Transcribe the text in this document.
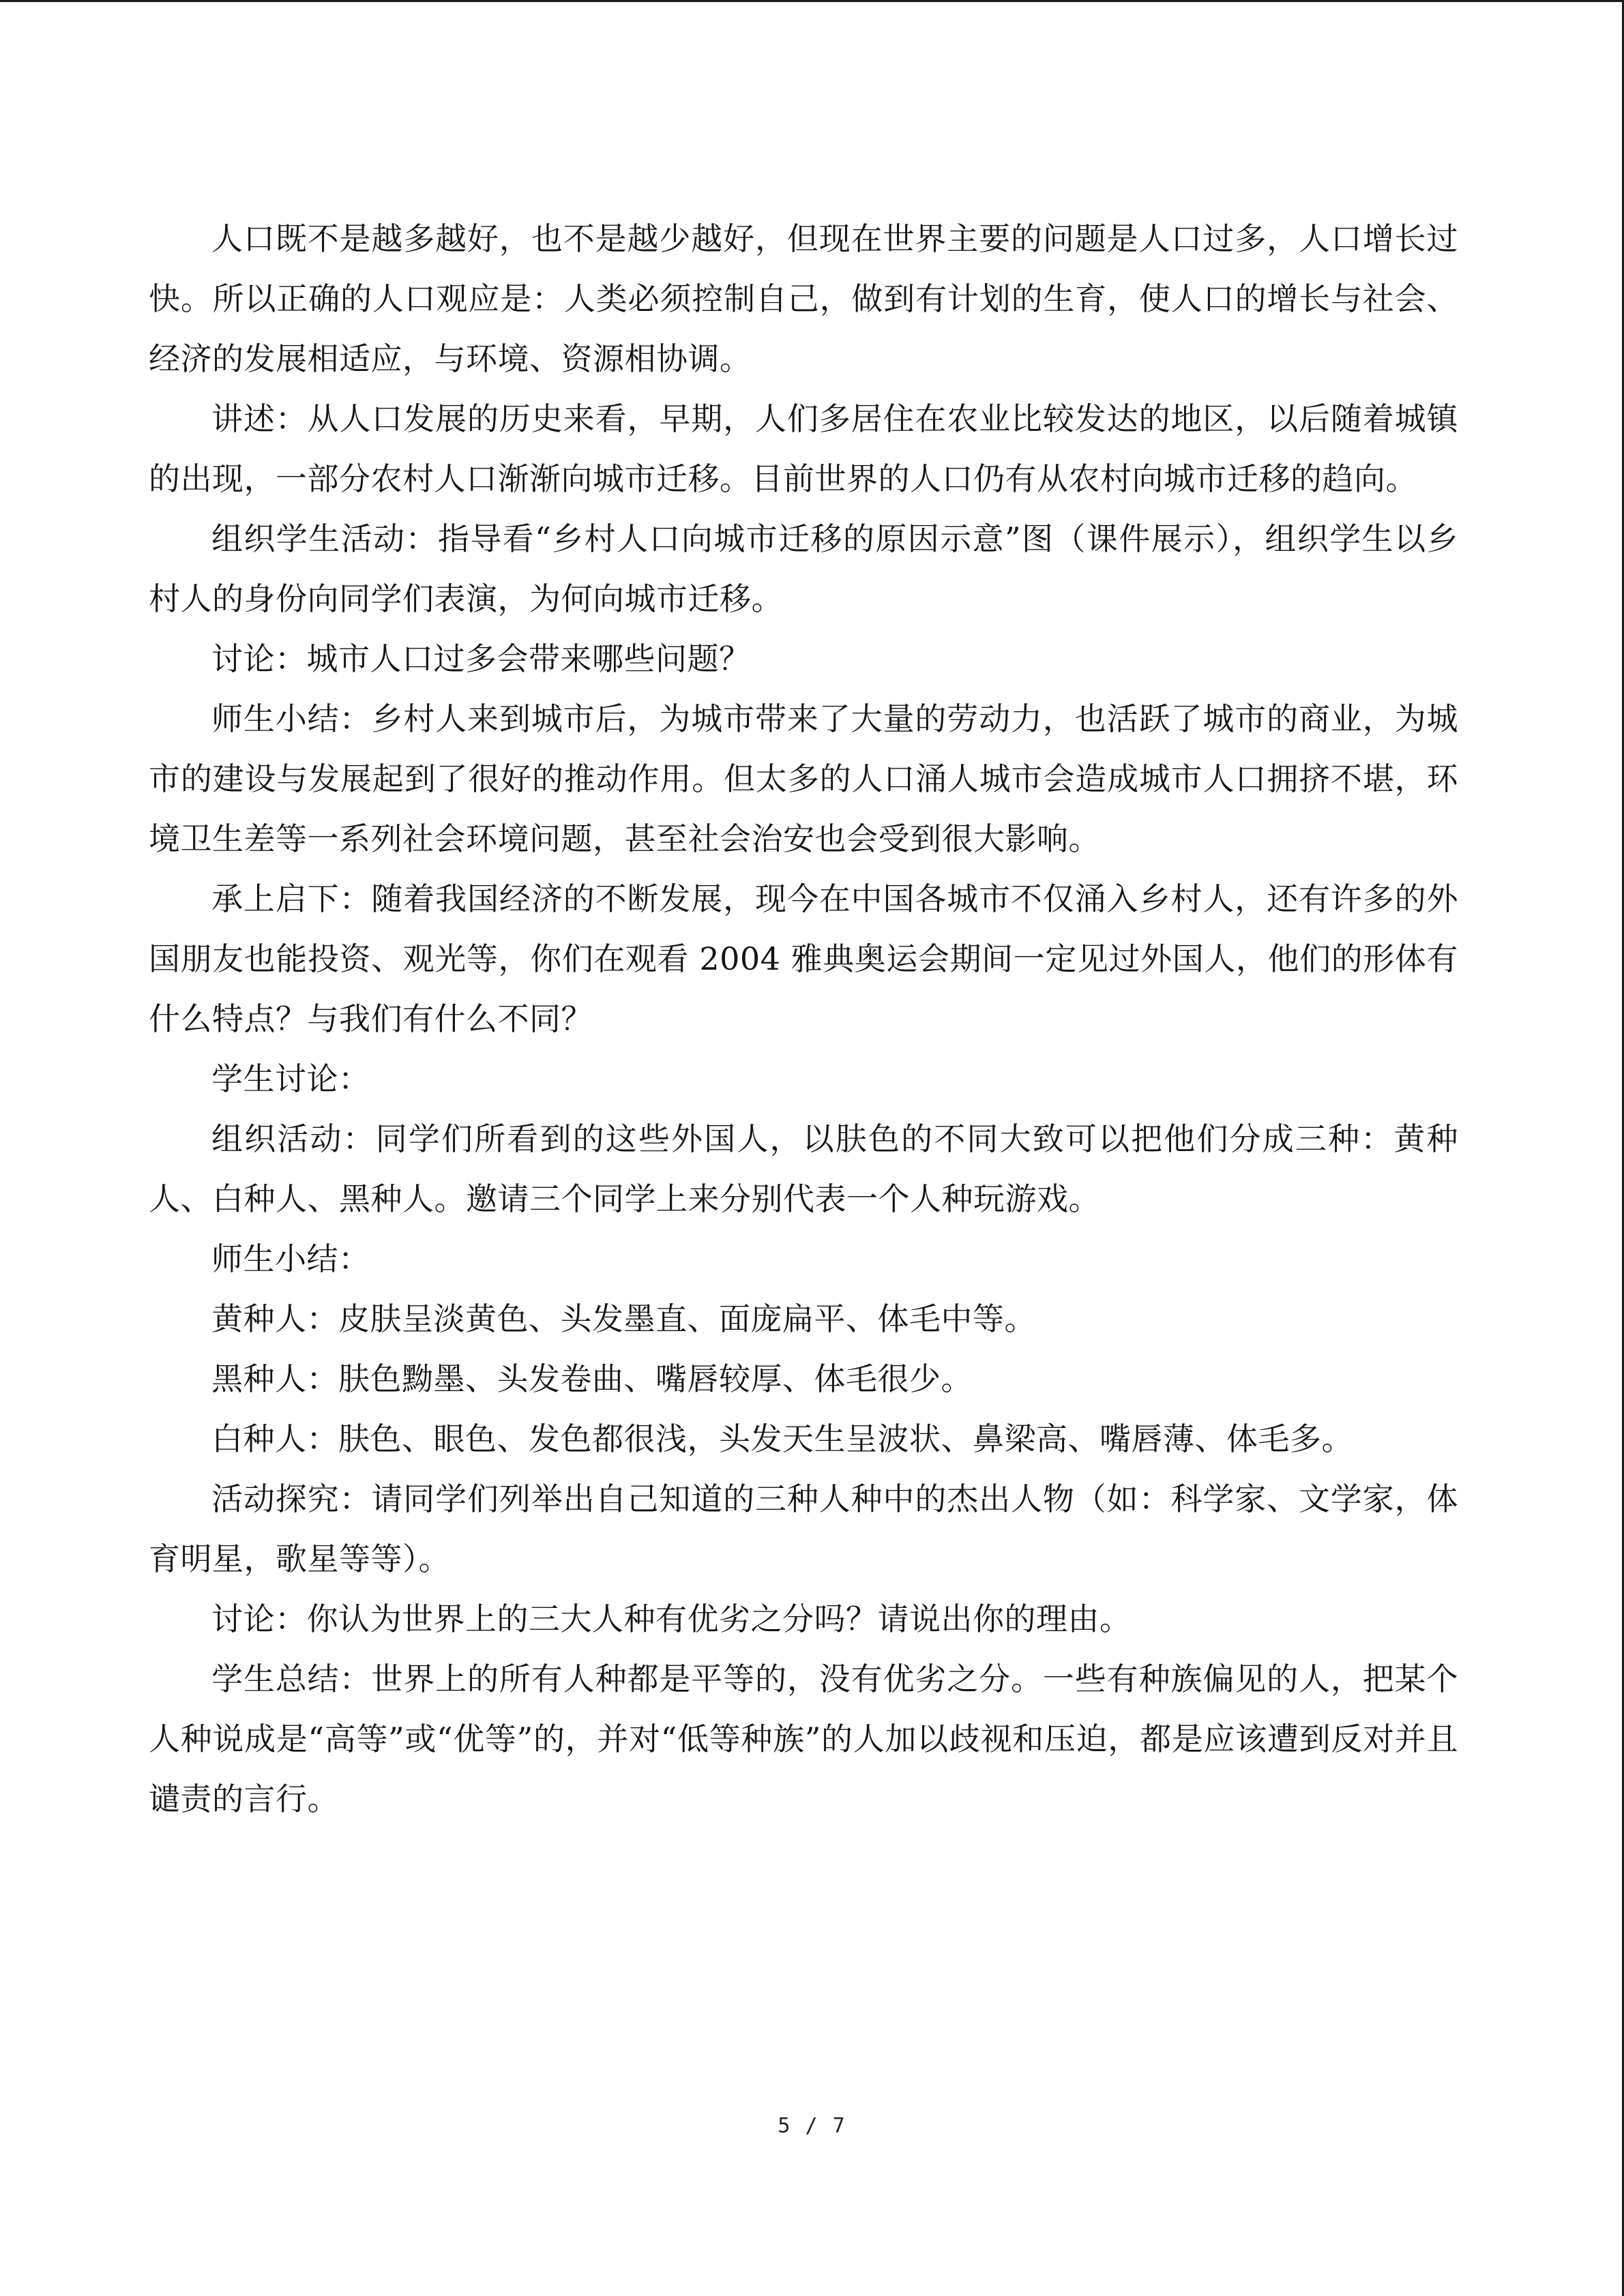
人口既不是越多越好，也不是越少越好，但现在世界主要的问题是人口过多，人口增长过快。所以正确的人口观应是：人类必须控制自己，做到有计划的生育，使人口的增长与社会、经济的发展相适应，与环境、资源相协调。

讲述：从人口发展的历史来看，早期，人们多居住在农业比较发达的地区，以后随着城镇的出现，一部分农村人口渐渐向城市迁移。目前世界的人口仍有从农村向城市迁移的趋向。

组织学生活动：指导看“乡村人口向城市迁移的原因示意”图（课件展示），组织学生以乡村人的身份向同学们表演，为何向城市迁移。

讨论：城市人口过多会带来哪些问题？

师生小结：乡村人来到城市后，为城市带来了大量的劳动力，也活跃了城市的商业，为城市的建设与发展起到了很好的推动作用。但太多的人口涌人城市会造成城市人口拥挤不堪，环境卫生差等一系列社会环境问题，甚至社会治安也会受到很大影响。

承上启下：随着我国经济的不断发展，现今在中国各城市不仅涌入乡村人，还有许多的外国朋友也能投资、观光等，你们在观看 2004 雅典奥运会期间一定见过外国人，他们的形体有什么特点？与我们有什么不同？

学生讨论：

组织活动：同学们所看到的这些外国人，以肤色的不同大致可以把他们分成三种：黄种人、白种人、黑种人。邀请三个同学上来分别代表一个人种玩游戏。

师生小结：

黄种人：皮肤呈淡黄色、头发墨直、面庞扁平、体毛中等。

黑种人：肤色黝墨、头发卷曲、嘴唇较厚、体毛很少。

白种人：肤色、眼色、发色都很浅，头发天生呈波状、鼻梁高、嘴唇薄、体毛多。

活动探究：请同学们列举出自己知道的三种人种中的杰出人物（如：科学家、文学家，体育明星，歌星等等）。

讨论：你认为世界上的三大人种有优劣之分吗？请说出你的理由。

学生总结：世界上的所有人种都是平等的，没有优劣之分。一些有种族偏见的人，把某个人种说成是“高等”或“优等”的，并对“低等种族”的人加以歧视和压迫，都是应该遭到反对并且谴责的言行。

5 / 7
